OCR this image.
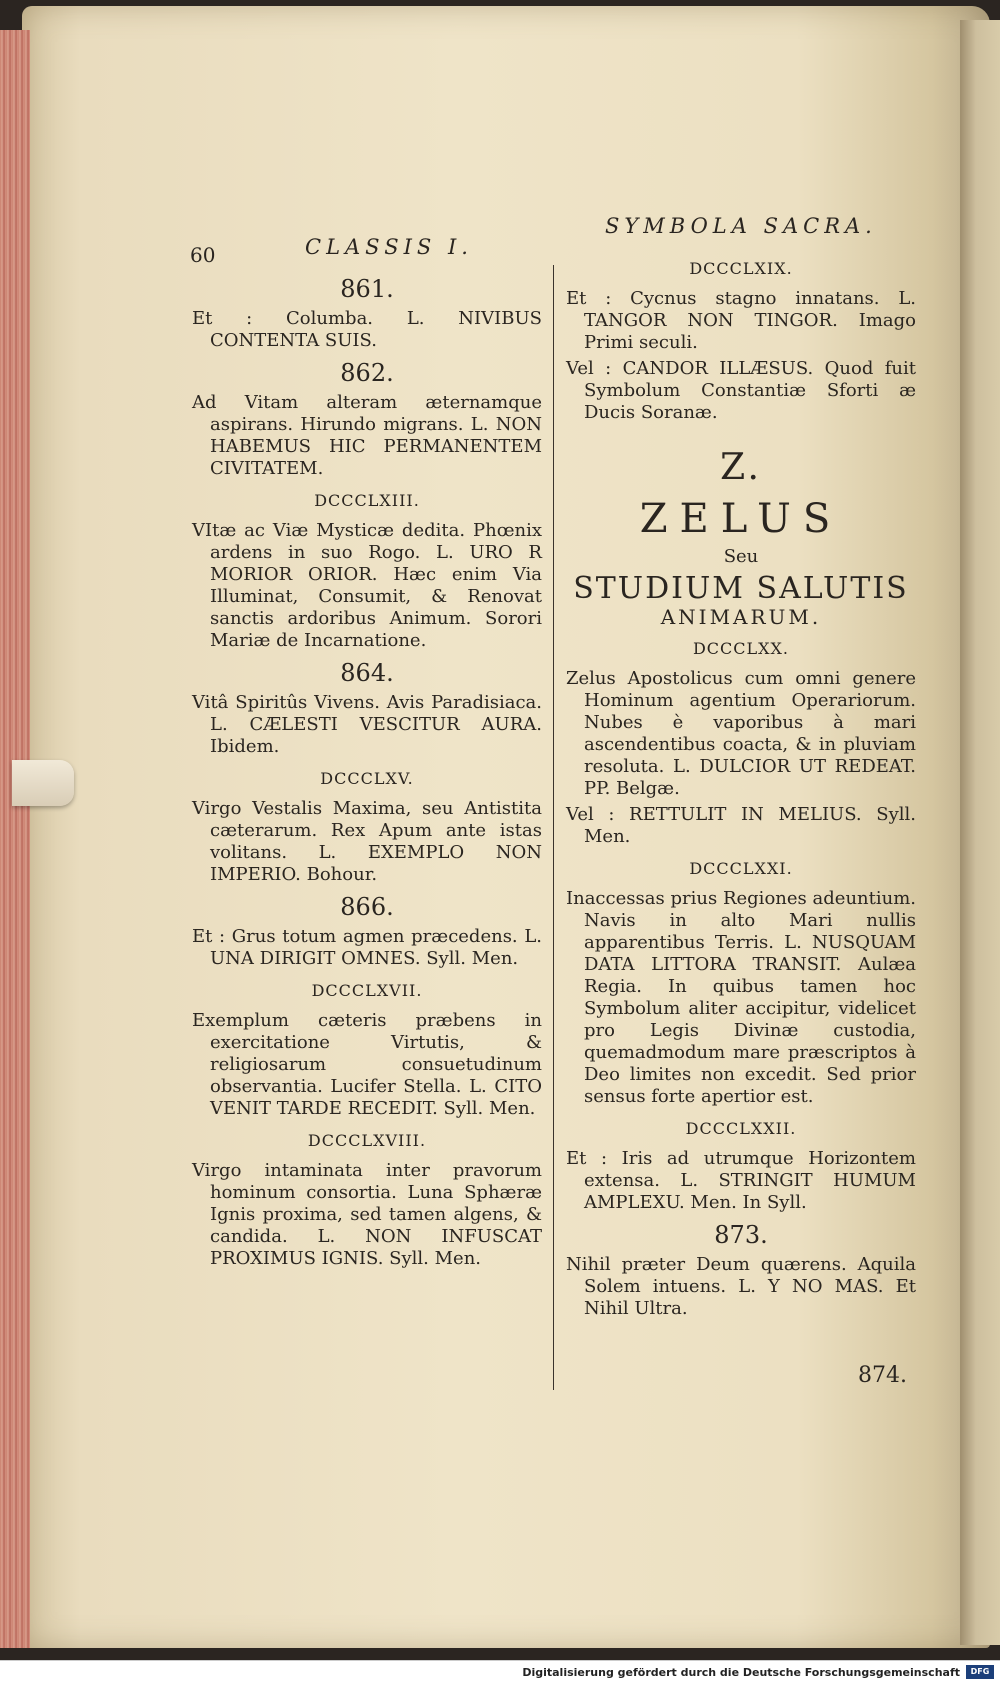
60	CLASSIS I.
SYMBOLA SACRA.
861.

Et : Columba. L. NIVIBUS CONTENTA SUIS.

862.

Ad Vitam alteram æternamque aspirans. Hirundo migrans. L. NON HABEMUS HIC PERMANENTEM CIVITATEM.

DCCCLXIII.

VItæ ac Viæ Mysticæ dedita. Phœnix ardens in suo Rogo. L. URO R MORIOR ORIOR. Hæc enim Via Illuminat, Consumit, & Renovat sanctis ardoribus Animum. Sorori Mariæ de Incarnatione.

864.

Vitâ Spiritûs Vivens. Avis Paradisiaca. L. CÆLESTI VESCITUR AURA. Ibidem.

DCCCLXV.

Virgo Vestalis Maxima, seu Antistita cæterarum. Rex Apum ante istas volitans. L. EXEMPLO NON IMPERIO. Bohour.

866.

Et : Grus totum agmen præcedens. L. UNA DIRIGIT OMNES. Syll. Men.

DCCCLXVII.

Exemplum cæteris præbens in exercitatione Virtutis, & religiosarum consuetudinum observantia. Lucifer Stella. L. CITO VENIT TARDE RECEDIT. Syll. Men.

DCCCLXVIII.

Virgo intaminata inter pravorum hominum consortia. Luna Sphæræ Ignis proxima, sed tamen algens, & candida. L. NON INFUSCAT PROXIMUS IGNIS. Syll. Men.

DCCCLXIX.

Et : Cycnus stagno innatans. L. TANGOR NON TINGOR. Imago Primi seculi.

Vel : CANDOR ILLÆSUS. Quod fuit Symbolum Constantiæ Sforti æ Ducis Soranæ.

Z.
ZELUS
Seu
STUDIUM SALUTIS
ANIMARUM.
DCCCLXX.

Zelus Apostolicus cum omni genere Hominum agentium Operariorum. Nubes è vaporibus à mari ascendentibus coacta, & in pluviam resoluta. L. DULCIOR UT REDEAT. PP. Belgæ.

Vel : RETTULIT IN MELIUS. Syll. Men.

DCCCLXXI.

Inaccessas prius Regiones adeuntium. Navis in alto Mari nullis apparentibus Terris. L. NUSQUAM DATA LITTORA TRANSIT. Aulæa Regia. In quibus tamen hoc Symbolum aliter accipitur, videlicet pro Legis Divinæ custodia, quemadmodum mare præscriptos à Deo limites non excedit. Sed prior sensus forte apertior est.

DCCCLXXII.

Et : Iris ad utrumque Horizontem extensa. L. STRINGIT HUMUM AMPLEXU. Men. In Syll.

873.

Nihil præter Deum quærens. Aquila Solem intuens. L. Y NO MAS. Et Nihil Ultra.

874.
Digitalisierung gefördert durch die Deutsche Forschungsgemeinschaft	DFG
